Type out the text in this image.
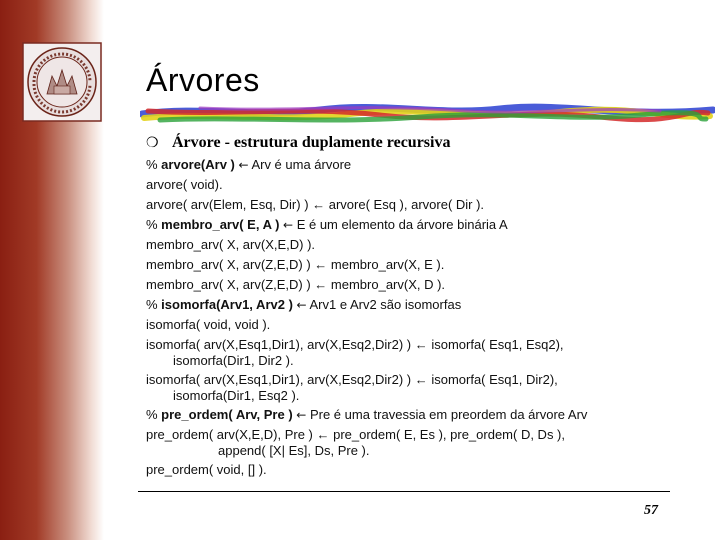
Árvores
❍ Árvore - estrutura duplamente recursiva
% arvore(Arv ) ← Arv é uma árvore
arvore( void).
arvore( arv(Elem, Esq, Dir) ) ← arvore( Esq ), arvore( Dir ).
% membro_arv( E, A ) ← E é um elemento da árvore binária A
membro_arv( X, arv(X,E,D) ).
membro_arv( X, arv(Z,E,D) ) ← membro_arv(X, E ).
membro_arv( X, arv(Z,E,D) ) ← membro_arv(X, D ).
% isomorfa(Arv1, Arv2 ) ← Arv1 e Arv2 são isomorfas
isomorfa( void, void ).
isomorfa( arv(X,Esq1,Dir1), arv(X,Esq2,Dir2) ) ← isomorfa( Esq1, Esq2),
isomorfa(Dir1, Dir2 ).
isomorfa( arv(X,Esq1,Dir1), arv(X,Esq2,Dir2) ) ← isomorfa( Esq1, Dir2),
isomorfa(Dir1, Esq2 ).
% pre_ordem( Arv, Pre ) ← Pre é uma travessia em preordem da árvore Arv
pre_ordem( arv(X,E,D), Pre ) ← pre_ordem( E, Es ), pre_ordem( D, Ds ),
append( [X| Es], Ds, Pre ).
pre_ordem( void, [] ).
57
